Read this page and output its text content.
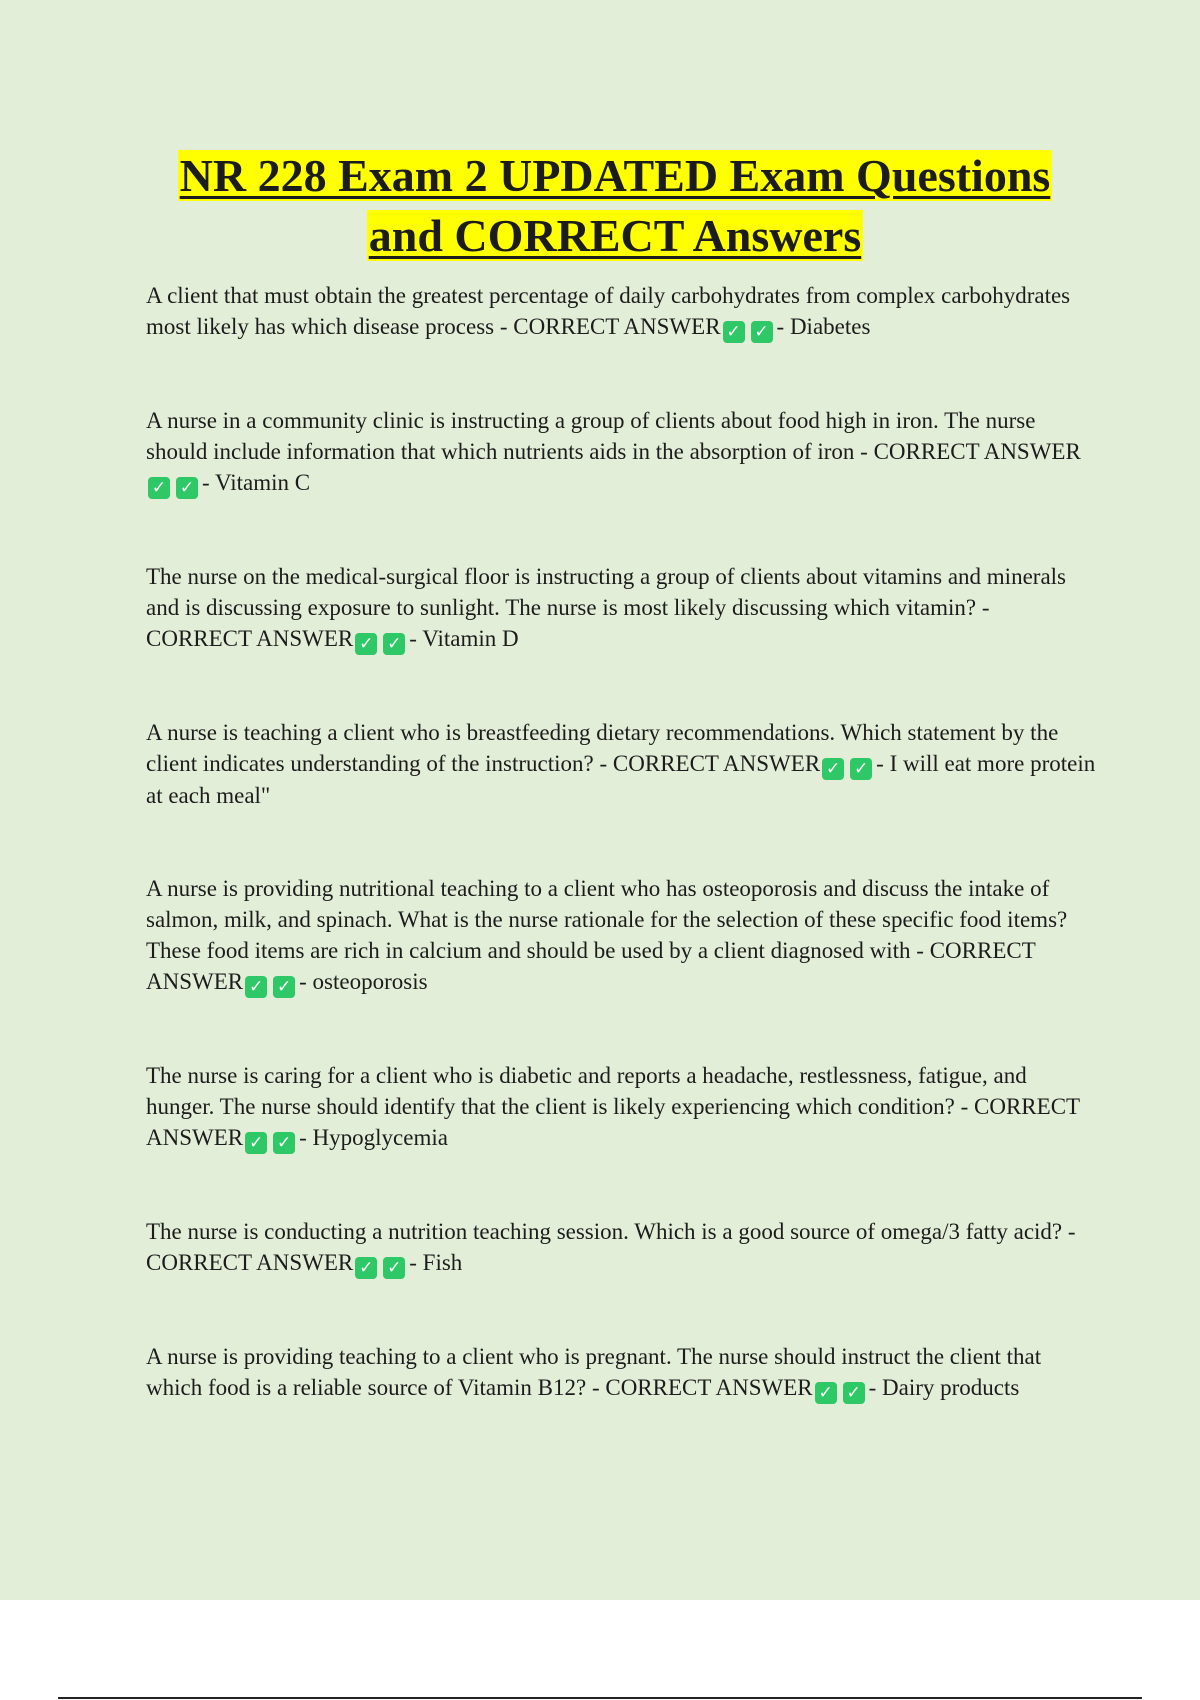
NR 228 Exam 2 UPDATED Exam Questions and CORRECT Answers

A client that must obtain the greatest percentage of daily carbohydrates from complex carbohydrates most likely has which disease process - CORRECT ANSWER ✓ ✓ - Diabetes

A nurse in a community clinic is instructing a group of clients about food high in iron. The nurse should include information that which nutrients aids in the absorption of iron - CORRECT ANSWER✓ ✓ - Vitamin C

The nurse on the medical-surgical floor is instructing a group of clients about vitamins and minerals and is discussing exposure to sunlight. The nurse is most likely discussing which vitamin? - CORRECT ANSWER ✓ ✓ - Vitamin D

A nurse is teaching a client who is breastfeeding dietary recommendations. Which statement by the client indicates understanding of the instruction? - CORRECT ANSWER ✓ ✓ - I will eat more protein at each meal"

A nurse is providing nutritional teaching to a client who has osteoporosis and discuss the intake of salmon, milk, and spinach. What is the nurse rationale for the selection of these specific food items?These food items are rich in calcium and should be used by a client diagnosed with - CORRECT ANSWER ✓ ✓ - osteoporosis

The nurse is caring for a client who is diabetic and reports a headache, restlessness, fatigue, and hunger. The nurse should identify that the client is likely experiencing which condition? - CORRECT ANSWER ✓ ✓ - Hypoglycemia

The nurse is conducting a nutrition teaching session. Which is a good source of omega/3 fatty acid? - CORRECT ANSWER ✓ ✓ - Fish

A nurse is providing teaching to a client who is pregnant. The nurse should instruct the client that which food is a reliable source of Vitamin B12? - CORRECT ANSWER ✓ ✓ - Dairy products
